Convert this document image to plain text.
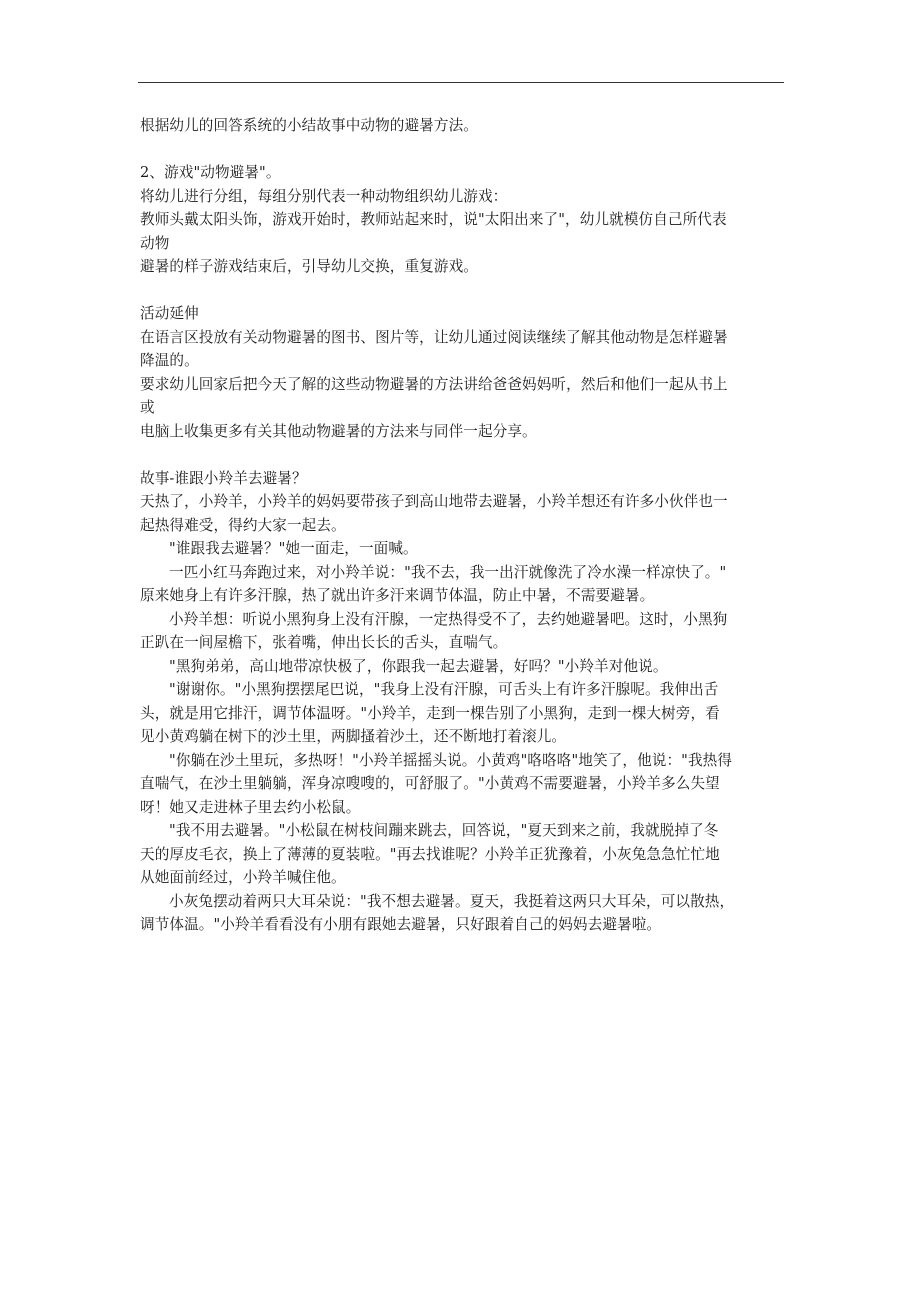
根据幼儿的回答系统的小结故事中动物的避暑方法。

2、游戏"动物避暑"。

将幼儿进行分组，每组分别代表一种动物组织幼儿游戏：

教师头戴太阳头饰，游戏开始时，教师站起来时，说"太阳出来了"，幼儿就模仿自己所代表

动物

避暑的样子游戏结束后，引导幼儿交换，重复游戏。

活动延伸

在语言区投放有关动物避暑的图书、图片等，让幼儿通过阅读继续了解其他动物是怎样避暑

降温的。

要求幼儿回家后把今天了解的这些动物避暑的方法讲给爸爸妈妈听，然后和他们一起从书上

或

电脑上收集更多有关其他动物避暑的方法来与同伴一起分享。

故事-谁跟小羚羊去避暑？

天热了，小羚羊，小羚羊的妈妈要带孩子到高山地带去避暑，小羚羊想还有许多小伙伴也一

起热得难受，得约大家一起去。

"谁跟我去避暑？"她一面走，一面喊。

一匹小红马奔跑过来，对小羚羊说："我不去，我一出汗就像洗了冷水澡一样凉快了。"

原来她身上有许多汗腺，热了就出许多汗来调节体温，防止中暑，不需要避暑。

小羚羊想：听说小黑狗身上没有汗腺，一定热得受不了，去约她避暑吧。这时，小黑狗

正趴在一间屋檐下，张着嘴，伸出长长的舌头，直喘气。

"黑狗弟弟，高山地带凉快极了，你跟我一起去避暑，好吗？"小羚羊对他说。

"谢谢你。"小黑狗摆摆尾巴说，"我身上没有汗腺，可舌头上有许多汗腺呢。我伸出舌

头，就是用它排汗，调节体温呀。"小羚羊，走到一棵告别了小黑狗，走到一棵大树旁，看

见小黄鸡躺在树下的沙土里，两脚搔着沙土，还不断地打着滚儿。

"你躺在沙土里玩，多热呀！"小羚羊摇摇头说。小黄鸡"咯咯咯"地笑了，他说："我热得

直喘气，在沙土里躺躺，浑身凉嗖嗖的，可舒服了。"小黄鸡不需要避暑，小羚羊多么失望

呀！她又走进林子里去约小松鼠。

"我不用去避暑。"小松鼠在树枝间蹦来跳去，回答说，"夏天到来之前，我就脱掉了冬

天的厚皮毛衣，换上了薄薄的夏装啦。"再去找谁呢？小羚羊正犹豫着，小灰兔急急忙忙地

从她面前经过，小羚羊喊住他。

小灰兔摆动着两只大耳朵说："我不想去避暑。夏天，我挺着这两只大耳朵，可以散热，

调节体温。"小羚羊看看没有小朋有跟她去避暑，只好跟着自己的妈妈去避暑啦。
